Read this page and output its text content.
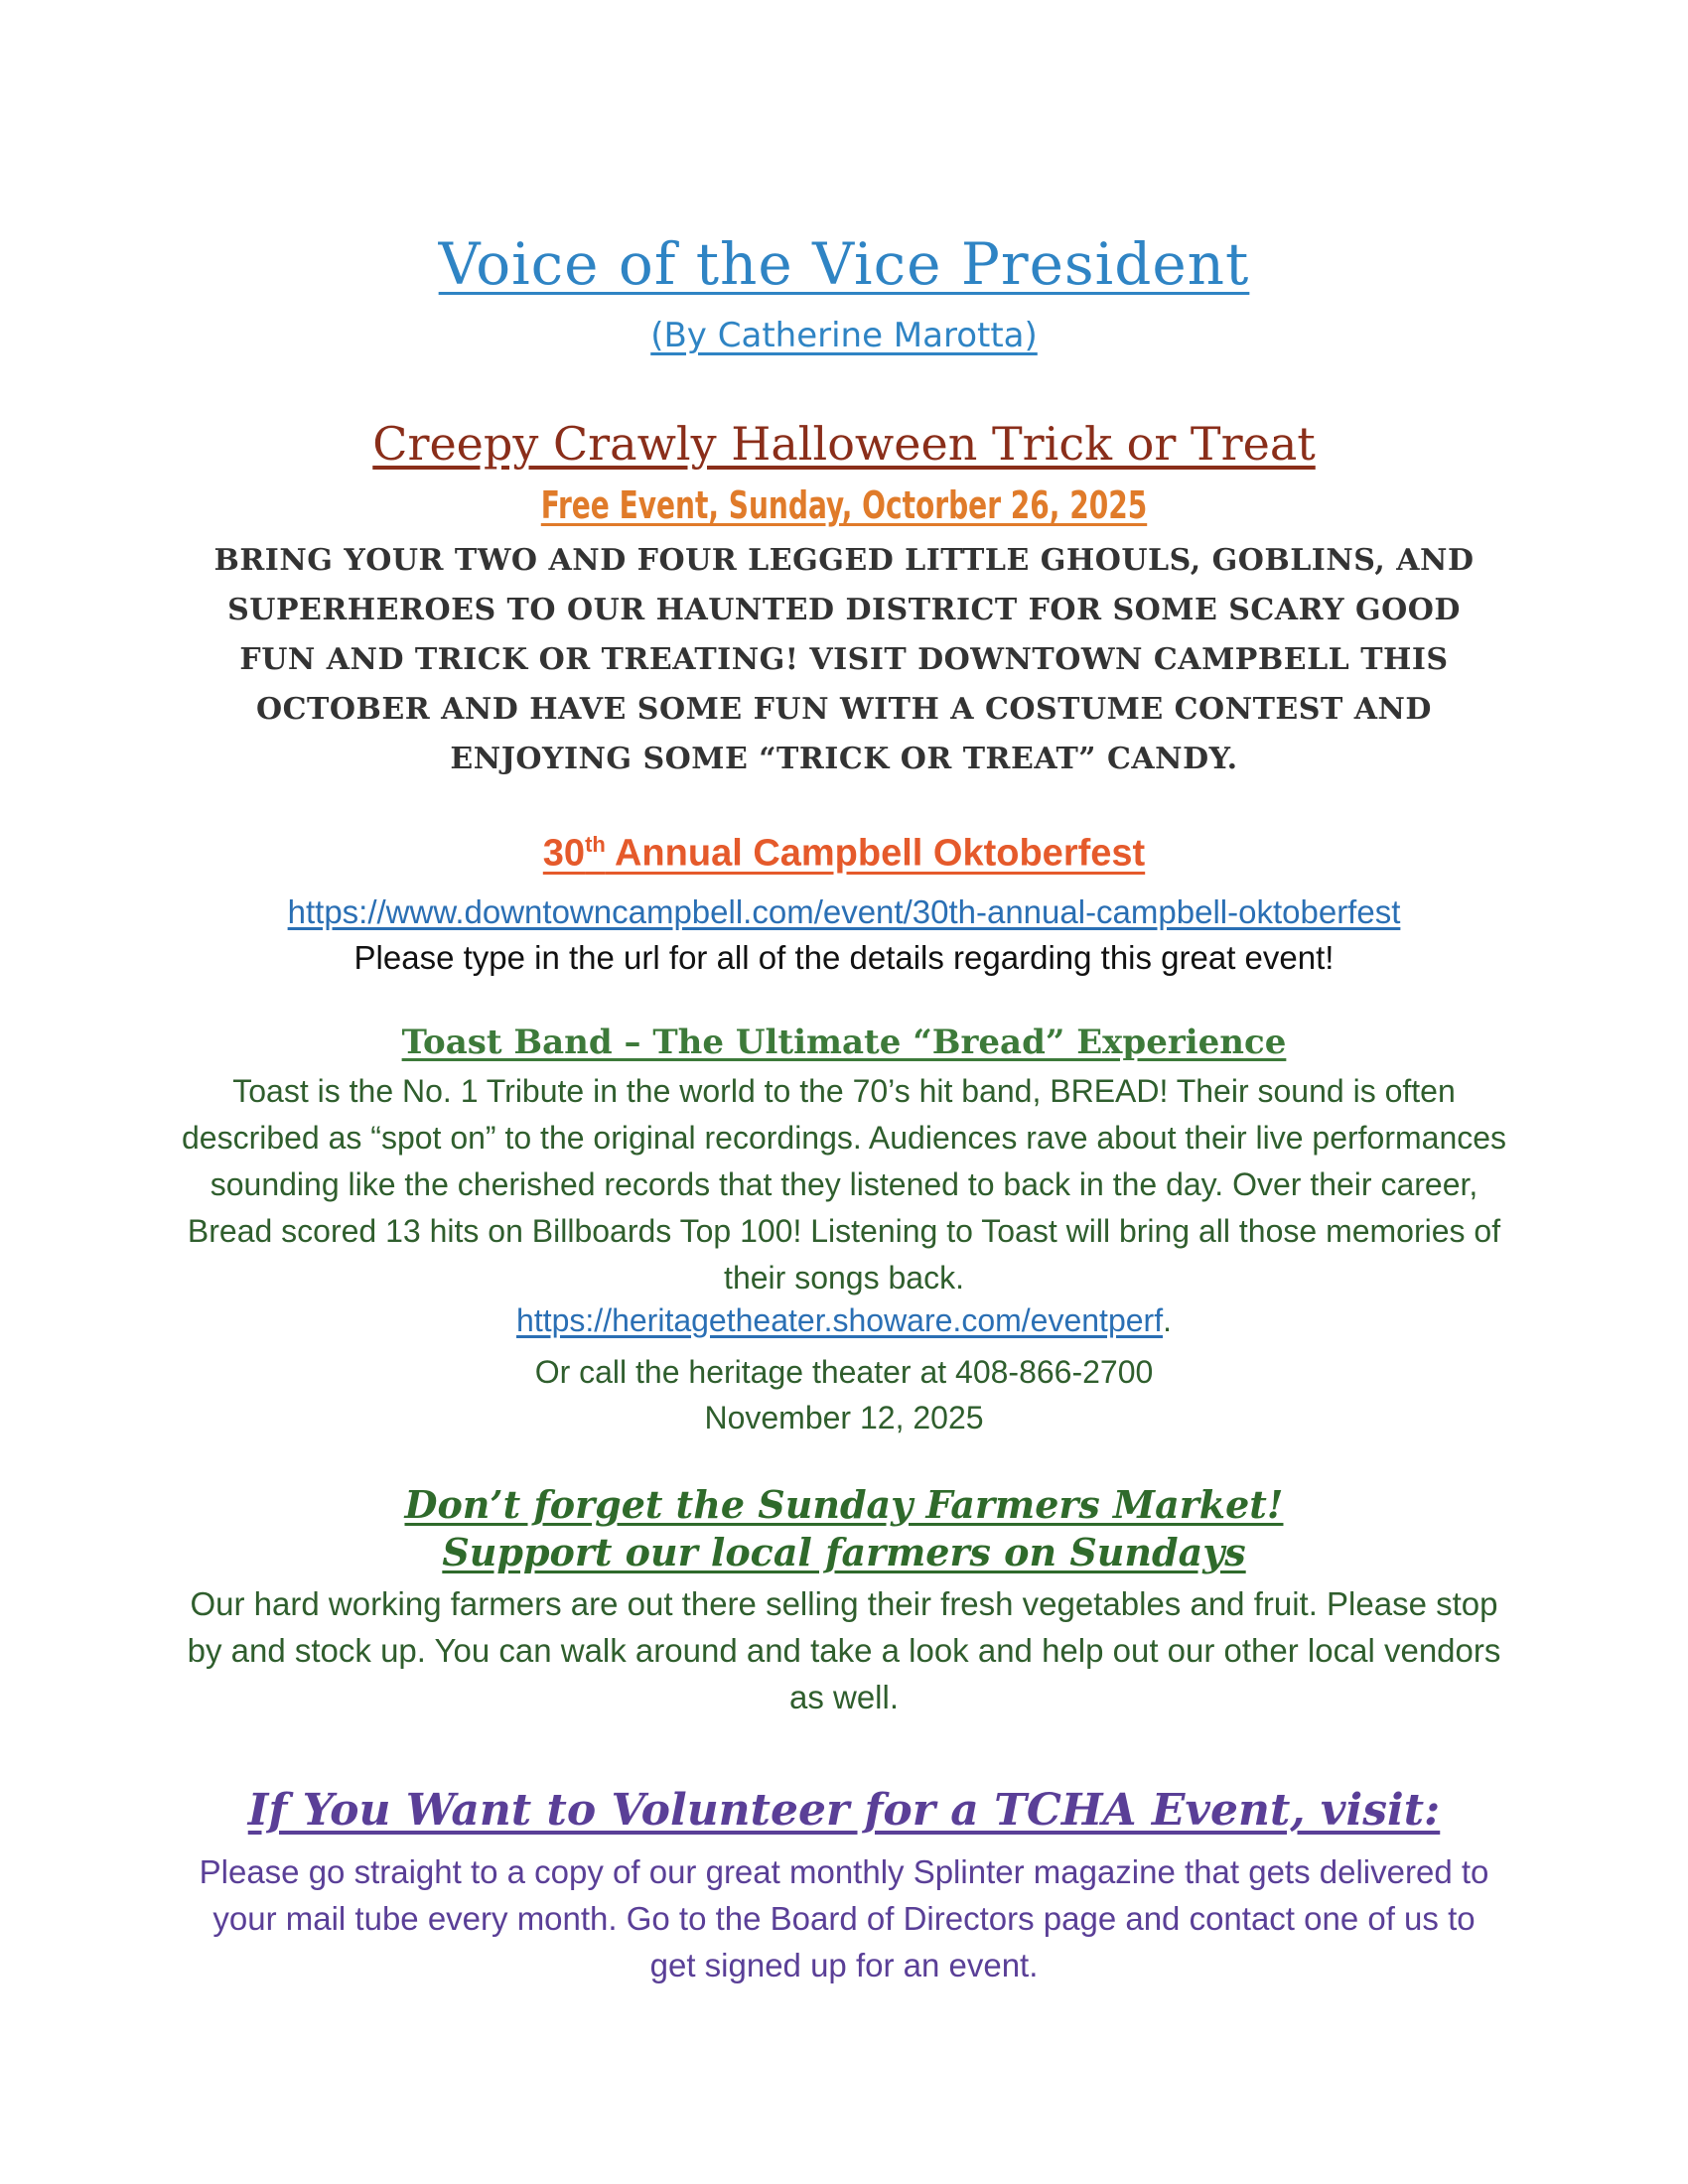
Voice of the Vice President
(By Catherine Marotta)
Creepy Crawly Halloween Trick or Treat
Free Event, Sunday, Octorber 26, 2025
BRING YOUR TWO AND FOUR LEGGED LITTLE GHOULS, GOBLINS, AND SUPERHEROES TO OUR HAUNTED DISTRICT FOR SOME SCARY GOOD FUN AND TRICK OR TREATING! VISIT DOWNTOWN CAMPBELL THIS OCTOBER AND HAVE SOME FUN WITH A COSTUME CONTEST AND ENJOYING SOME “TRICK OR TREAT” CANDY.
30th Annual Campbell Oktoberfest
https://www.downtowncampbell.com/event/30th-annual-campbell-oktoberfest
Please type in the url for all of the details regarding this great event!
Toast Band – The Ultimate “Bread” Experience
Toast is the No. 1 Tribute in the world to the 70’s hit band, BREAD! Their sound is often described as “spot on” to the original recordings. Audiences rave about their live performances sounding like the cherished records that they listened to back in the day. Over their career, Bread scored 13 hits on Billboards Top 100! Listening to Toast will bring all those memories of their songs back.
https://heritagetheater.showare.com/eventperf.
Or call the heritage theater at 408-866-2700
November 12, 2025
Don’t forget the Sunday Farmers Market!
Support our local farmers on Sundays
Our hard working farmers are out there selling their fresh vegetables and fruit. Please stop by and stock up. You can walk around and take a look and help out our other local vendors as well.
If You Want to Volunteer for a TCHA Event, visit:
Please go straight to a copy of our great monthly Splinter magazine that gets delivered to your mail tube every month. Go to the Board of Directors page and contact one of us to get signed up for an event.
